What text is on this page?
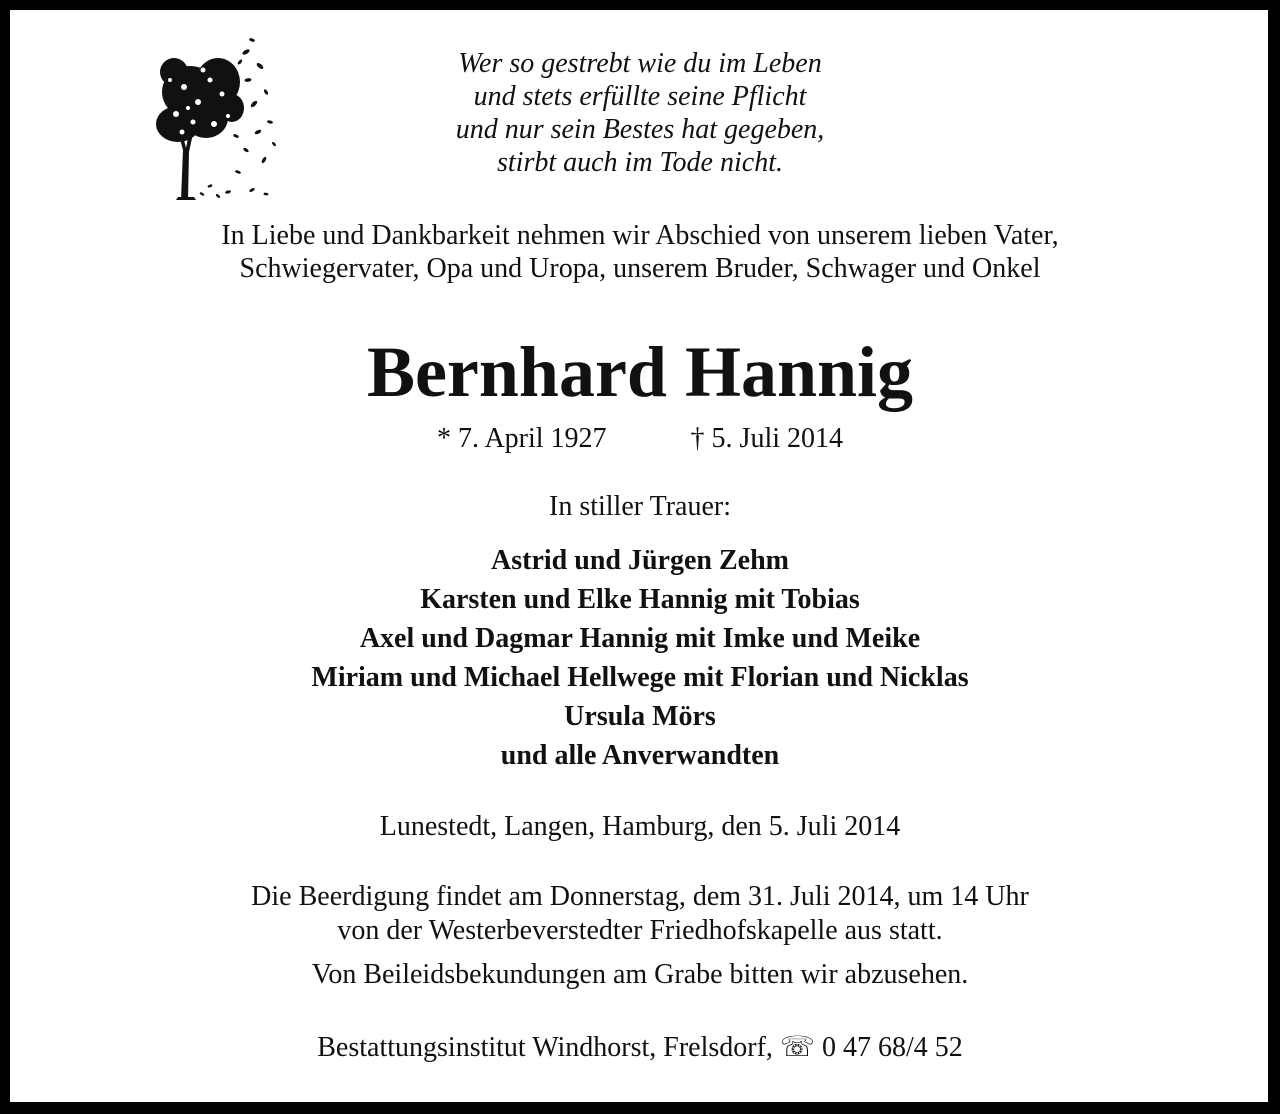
Wer so gestrebt wie du im Leben
und stets erfüllte seine Pflicht
und nur sein Bestes hat gegeben,
stirbt auch im Tode nicht.
In Liebe und Dankbarkeit nehmen wir Abschied von unserem lieben Vater,
Schwiegervater, Opa und Uropa, unserem Bruder, Schwager und Onkel
Bernhard Hannig
* 7. April 1927	† 5. Juli 2014
In stiller Trauer:
Astrid und Jürgen Zehm
Karsten und Elke Hannig mit Tobias
Axel und Dagmar Hannig mit Imke und Meike
Miriam und Michael Hellwege mit Florian und Nicklas
Ursula Mörs
und alle Anverwandten
Lunestedt, Langen, Hamburg, den 5. Juli 2014
Die Beerdigung findet am Donnerstag, dem 31. Juli 2014, um 14 Uhr
von der Westerbeverstedter Friedhofskapelle aus statt.
Von Beileidsbekundungen am Grabe bitten wir abzusehen.
Bestattungsinstitut Windhorst, Frelsdorf, ☏ 0 47 68/4 52
